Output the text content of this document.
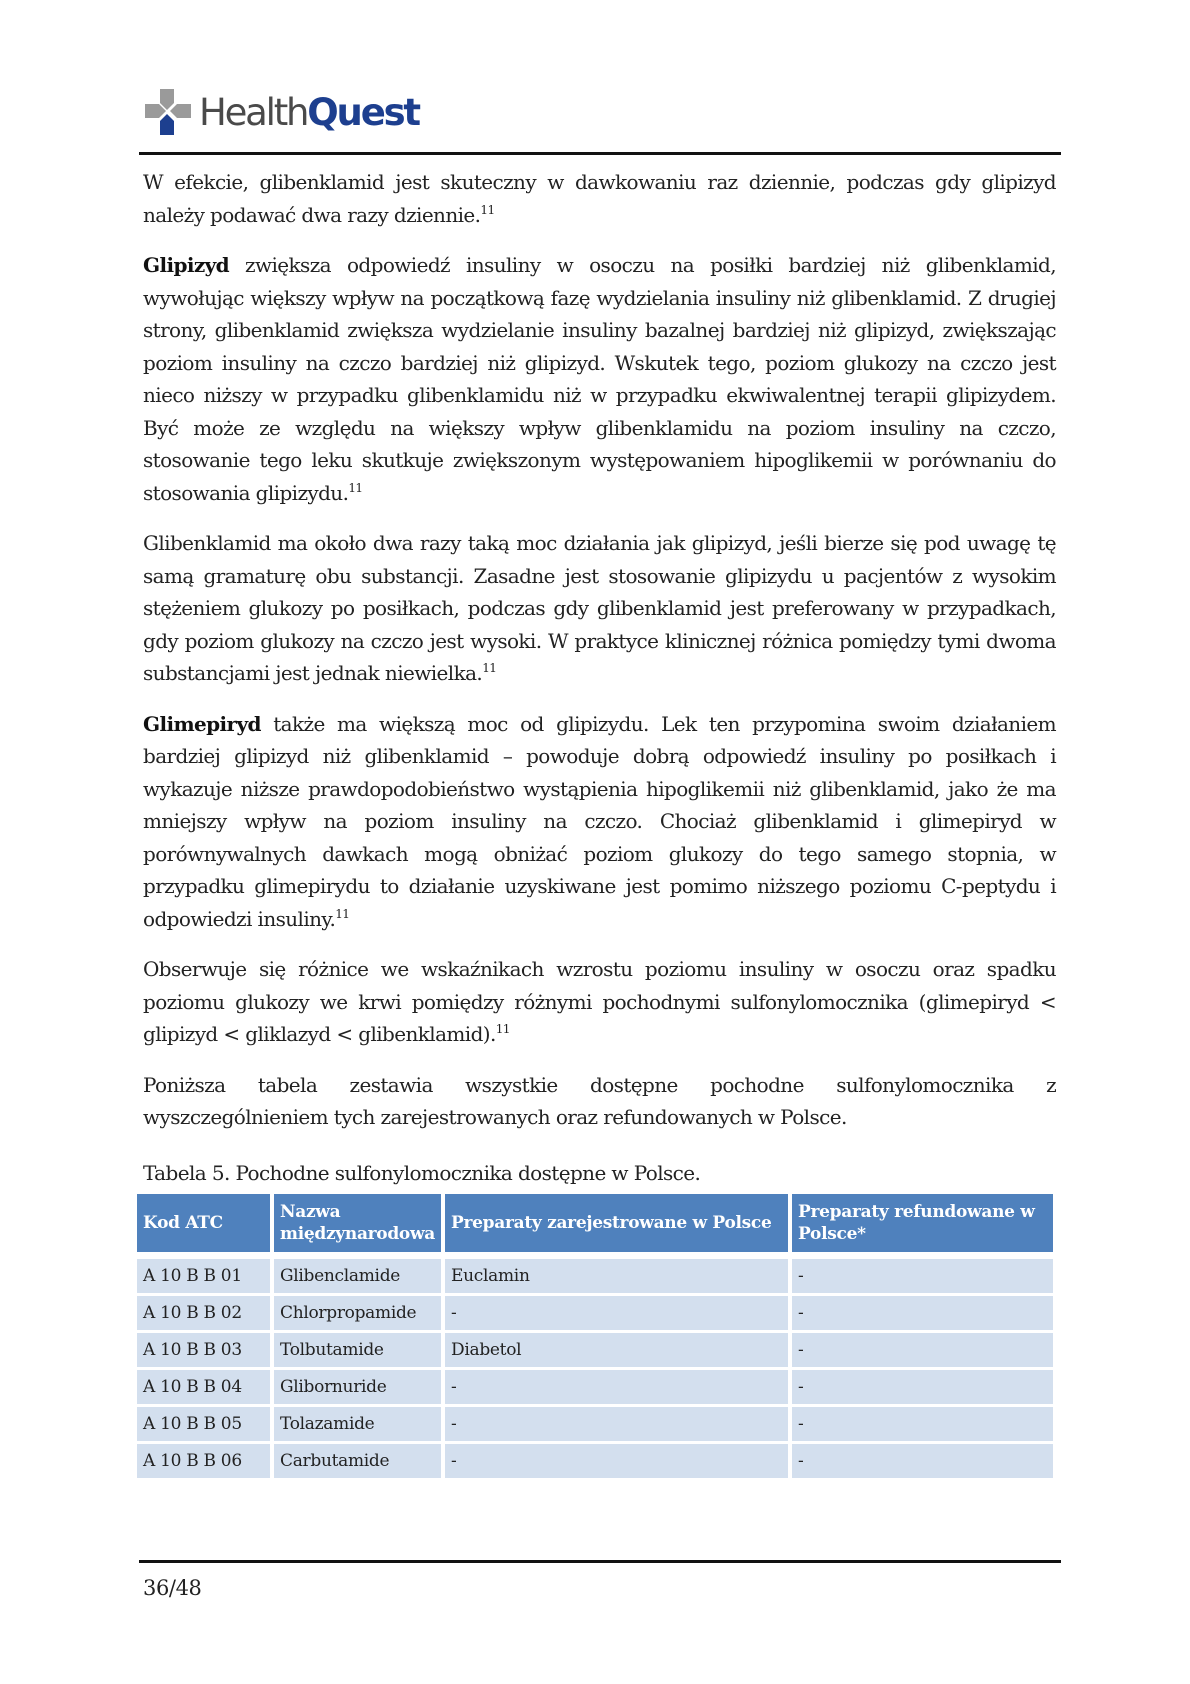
HealthQuest

W efekcie, glibenklamid jest skuteczny w dawkowaniu raz dziennie, podczas gdy glipizyd należy podawać dwa razy dziennie.$^{11}$

Glipizyd zwiększa odpowiedź insuliny w osoczu na posiłki bardziej niż glibenklamid, wywołując większy wpływ na początkową fazę wydzielania insuliny niż glibenklamid. Z drugiej strony, glibenklamid zwiększa wydzielanie insuliny bazalnej bardziej niż glipizyd, zwiększając poziom insuliny na czczo bardziej niż glipizyd. Wskutek tego, poziom glukozy na czczo jest nieco niższy w przypadku glibenklamidu niż w przypadku ekwiwalentnej terapii glipizydem. Być może ze względu na większy wpływ glibenklamidu na poziom insuliny na czczo, stosowanie tego leku skutkuje zwiększonym występowaniem hipoglikemii w porównaniu do stosowania glipizydu.$^{11}$

Glibenklamid ma około dwa razy taką moc działania jak glipizyd, jeśli bierze się pod uwagę tę samą gramaturę obu substancji. Zasadne jest stosowanie glipizydu u pacjentów z wysokim stężeniem glukozy po posiłkach, podczas gdy glibenklamid jest preferowany w przypadkach, gdy poziom glukozy na czczo jest wysoki. W praktyce klinicznej różnica pomiędzy tymi dwoma substancjami jest jednak niewielka.$^{11}$

Glimepiryd także ma większą moc od glipizydu. Lek ten przypomina swoim działaniem bardziej glipizyd niż glibenklamid – powoduje dobrą odpowiedź insuliny po posiłkach i wykazuje niższe prawdopodobieństwo wystąpienia hipoglikemii niż glibenklamid, jako że ma mniejszy wpływ na poziom insuliny na czczo. Chociaż glibenklamid i glimepiryd w porównywalnych dawkach mogą obniżać poziom glukozy do tego samego stopnia, w przypadku glimepirydu to działanie uzyskiwane jest pomimo niższego poziomu C-peptydu i odpowiedzi insuliny.$^{11}$

Obserwuje się różnice we wskaźnikach wzrostu poziomu insuliny w osoczu oraz spadku poziomu glukozy we krwi pomiędzy różnymi pochodnymi sulfonylomocznika (glimepiryd < glipizyd < gliklazyd < glibenklamid).$^{11}$

Poniższa tabela zestawia wszystkie dostępne pochodne sulfonylomocznika z wyszczególnieniem tych zarejestrowanych oraz refundowanych w Polsce.

Tabela 5. Pochodne sulfonylomocznika dostępne w Polsce.
Kod ATC	Nazwa międzynarodowa	Preparaty zarejestrowane w Polsce	Preparaty refundowane w Polsce*
A 10 B B 01	Glibenclamide	Euclamin	-
A 10 B B 02	Chlorpropamide	-	-
A 10 B B 03	Tolbutamide	Diabetol	-
A 10 B B 04	Glibornuride	-	-
A 10 B B 05	Tolazamide	-	-
A 10 B B 06	Carbutamide	-	-
36/48
